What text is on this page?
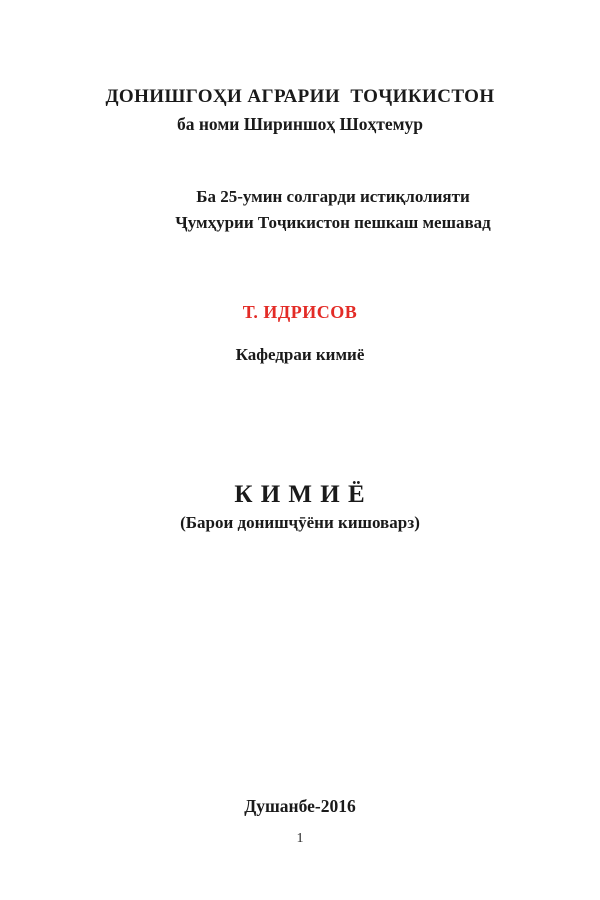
ДОНИШГОҲИ АГРАРИИ  ТОҶИКИСТОН
ба номи Шириншоҳ Шоҳтемур
Ба 25-умин солгарди истиқлолияти
Ҷумҳурии Тоҷикистон пешкаш мешавад
Т. ИДРИСОВ
Кафедраи кимиё
К И М И Ё
(Барои донишҷӯёни кишоварз)
Душанбе-2016
1
